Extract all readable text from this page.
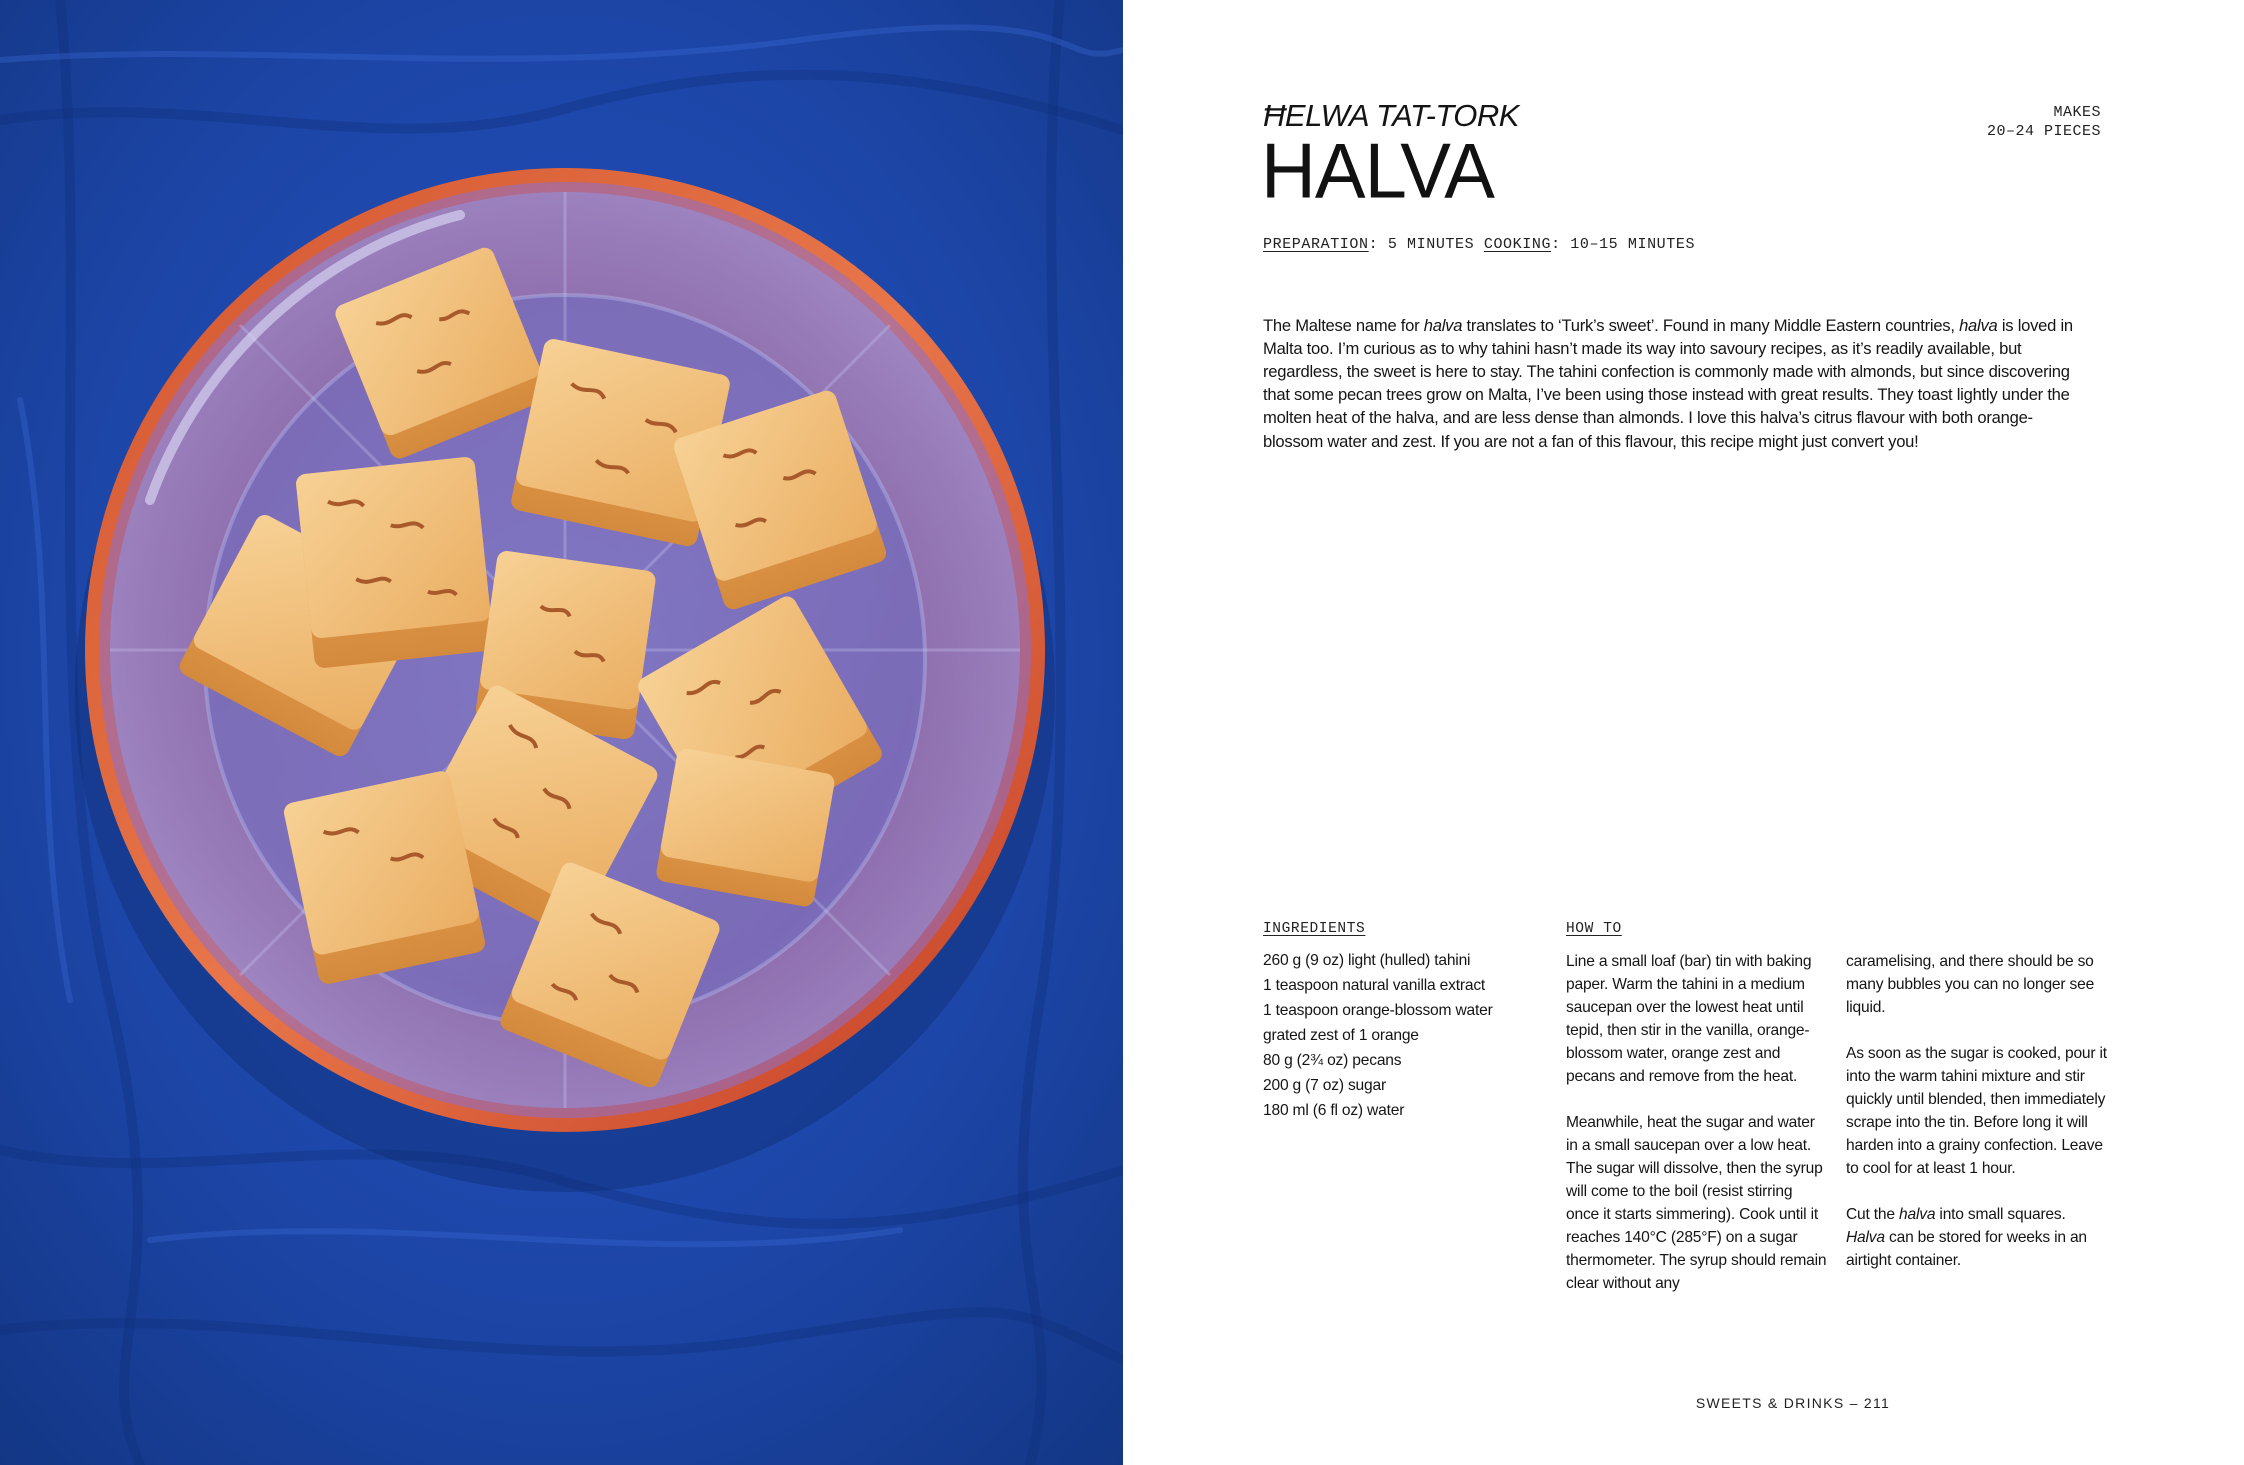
ĦELWA TAT-TORK
HALVA
MAKES
20–24 PIECES
PREPARATION: 5 MINUTES COOKING: 10–15 MINUTES

The Maltese name for halva translates to ‘Turk’s sweet’. Found in many Middle Eastern countries, halva is loved in Malta too. I’m curious as to why tahini hasn’t made its way into savoury recipes, as it’s readily available, but regardless, the sweet is here to stay. The tahini confection is commonly made with almonds, but since discovering that some pecan trees grow on Malta, I’ve been using those instead with great results. They toast lightly under the molten heat of the halva, and are less dense than almonds. I love this halva’s citrus flavour with both orange-blossom water and zest. If you are not a fan of this flavour, this recipe might just convert you!

INGREDIENTS
260 g (9 oz) light (hulled) tahini
1 teaspoon natural vanilla extract
1 teaspoon orange-blossom water
grated zest of 1 orange
80 g (2¾ oz) pecans
200 g (7 oz) sugar
180 ml (6 fl oz) water
HOW TO

Line a small loaf (bar) tin with baking paper. Warm the tahini in a medium saucepan over the lowest heat until tepid, then stir in the vanilla, orange-blossom water, orange zest and pecans and remove from the heat.

Meanwhile, heat the sugar and water in a small saucepan over a low heat. The sugar will dissolve, then the syrup will come to the boil (resist stirring once it starts simmering). Cook until it reaches 140°C (285°F) on a sugar thermometer. The syrup should remain clear without any

caramelising, and there should be so many bubbles you can no longer see liquid.

As soon as the sugar is cooked, pour it into the warm tahini mixture and stir quickly until blended, then immediately scrape into the tin. Before long it will harden into a grainy confection. Leave to cool for at least 1 hour.

Cut the halva into small squares. Halva can be stored for weeks in an airtight container.

SWEETS & DRINKS – 211
